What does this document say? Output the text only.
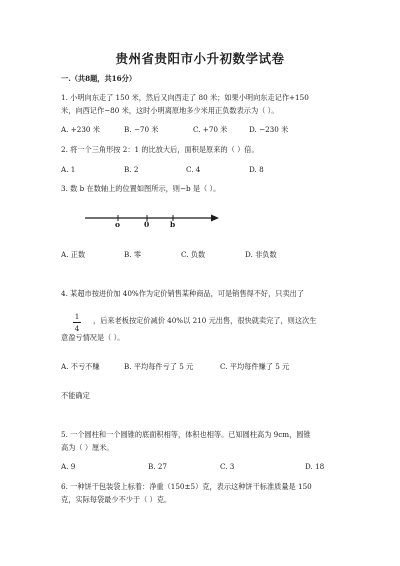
贵州省贵阳市小升初数学试卷
一.（共8题，共16分）
1. 小明向东走了 150 米，然后又向西走了 80 米；如果小明向东走记作+150
米，向西记作−80 米，这时小明离原地多少米用正负数表示为（ ）。
A. +230 米	B. −70 米	C. +70 米	D. −230 米
2. 将一个三角形按 2：1 的比放大后，面积是原来的（ ）倍。
A. 1	B. 2	C. 4	D. 8
3. 数 b 在数轴上的位置如图所示，则−b 是（ ）。
o	0	b
A. 正数	B. 零	C. 负数	D. 非负数
4. 某超市按进价加 40%作为定价销售某种商品，可是销售得不好，只卖出了
1
4
，后来老板按定价减价 40%以 210 元出售，很快就卖完了，则这次生
意盈亏情况是（ ）。
A. 不亏不赚	B. 平均每件亏了 5 元	C. 平均每件赚了 5 元
不能确定
5. 一个圆柱和一个圆锥的底面积相等，体积也相等。已知圆柱高为 9cm，圆锥
高为（ ）厘米。
A. 9	B. 27	C. 3	D. 18
6. 一种饼干包装袋上标着：净重（150±5）克，表示这种饼干标准质量是 150
克，实际每袋最少不少于（ ）克。
